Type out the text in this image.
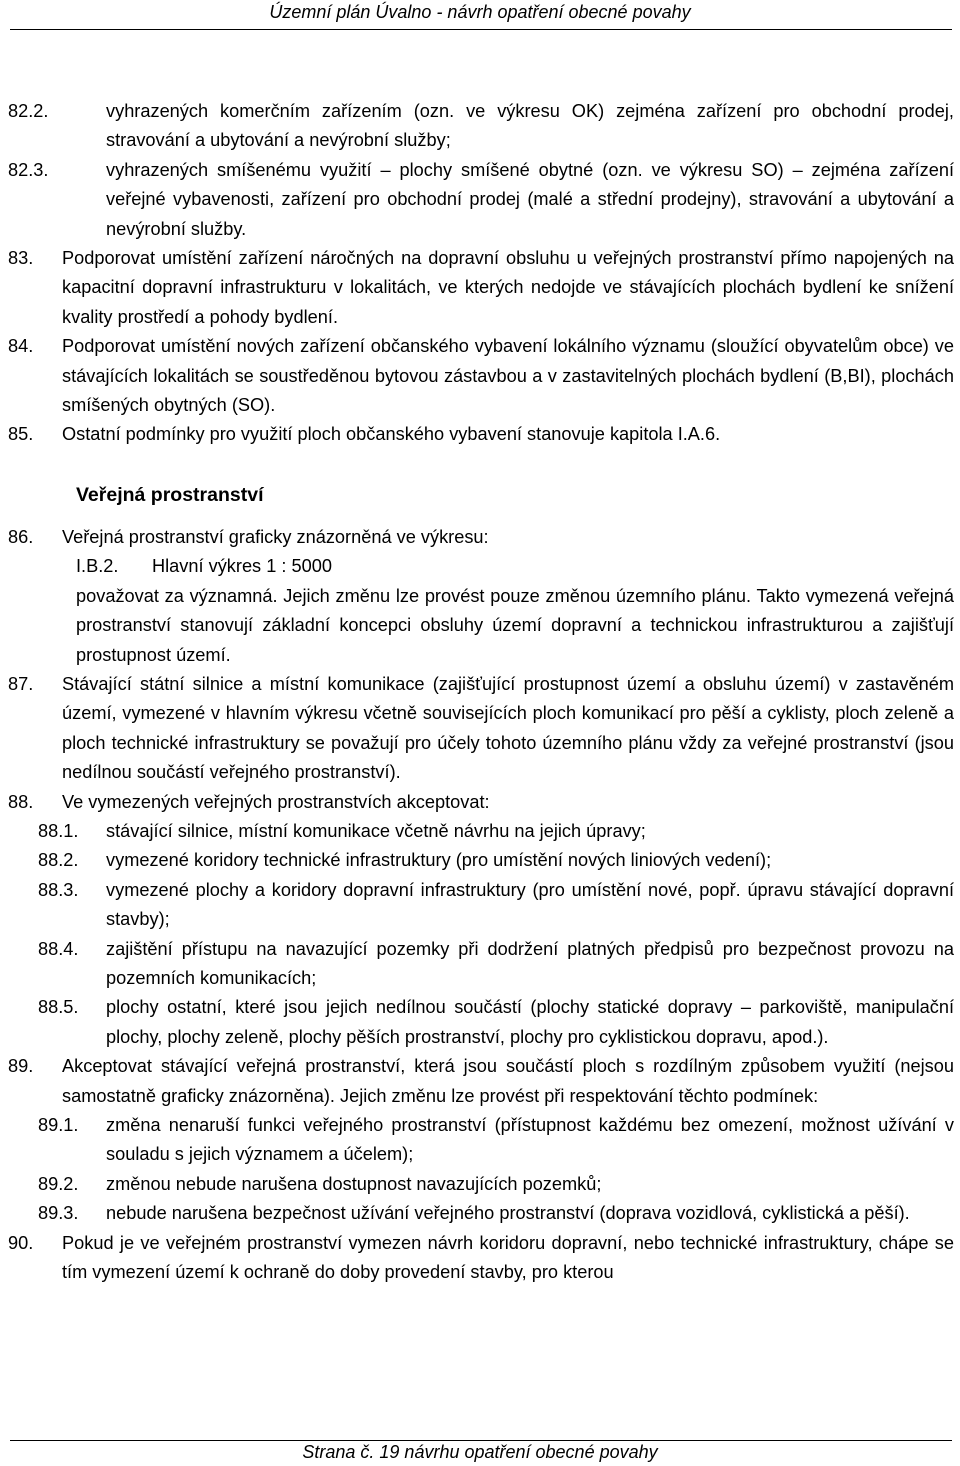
Územní plán Úvalno - návrh opatření obecné povahy
82.2.	vyhrazených komerčním zařízením (ozn. ve výkresu OK) zejména zařízení pro obchodní prodej, stravování a ubytování a nevýrobní služby;
82.3.	vyhrazených smíšenému využití – plochy smíšené obytné (ozn. ve výkresu SO) – zejména zařízení veřejné vybavenosti, zařízení pro obchodní prodej (malé a střední prodejny), stravování a ubytování a nevýrobní služby.
83. Podporovat umístění zařízení náročných na dopravní obsluhu u veřejných prostranství přímo napojených na kapacitní dopravní infrastrukturu v lokalitách, ve kterých nedojde ve stávajících plochách bydlení ke snížení kvality prostředí a pohody bydlení.
84. Podporovat umístění nových zařízení občanského vybavení lokálního významu (sloužící obyvatelům obce) ve stávajících lokalitách se soustředěnou bytovou zástavbou a v zastavitelných plochách bydlení (B,BI), plochách smíšených obytných (SO).
85. Ostatní podmínky pro využití ploch občanského vybavení stanovuje kapitola I.A.6.
Veřejná prostranství
86. Veřejná prostranství graficky znázorněná ve výkresu:
I.B.2. Hlavní výkres 1 : 5000
považovat za významná. Jejich změnu lze provést pouze změnou územního plánu. Takto vymezená veřejná prostranství stanovují základní koncepci obsluhy území dopravní a technickou infrastrukturou a zajišťují prostupnost území.
87. Stávající státní silnice a místní komunikace (zajišťující prostupnost území a obsluhu území) v zastavěném území, vymezené v hlavním výkresu včetně souvisejících ploch komunikací pro pěší a cyklisty, ploch zeleně a ploch technické infrastruktury se považují pro účely tohoto územního plánu vždy za veřejné prostranství (jsou nedílnou součástí veřejného prostranství).
88. Ve vymezených veřejných prostranstvích akceptovat:
88.1. stávající silnice, místní komunikace včetně návrhu na jejich úpravy;
88.2. vymezené koridory technické infrastruktury (pro umístění nových liniových vedení);
88.3. vymezené plochy a koridory dopravní infrastruktury (pro umístění nové, popř. úpravu stávající dopravní stavby);
88.4. zajištění přístupu na navazující pozemky při dodržení platných předpisů pro bezpečnost provozu na pozemních komunikacích;
88.5. plochy ostatní, které jsou jejich nedílnou součástí (plochy statické dopravy – parkoviště, manipulační plochy, plochy zeleně, plochy pěších prostranství, plochy pro cyklistickou dopravu, apod.).
89. Akceptovat stávající veřejná prostranství, která jsou součástí ploch s rozdílným způsobem využití (nejsou samostatně graficky znázorněna). Jejich změnu lze provést při respektování těchto podmínek:
89.1. změna nenaruší funkci veřejného prostranství (přístupnost každému bez omezení, možnost užívání v souladu s jejich významem a účelem);
89.2. změnou nebude narušena dostupnost navazujících pozemků;
89.3. nebude narušena bezpečnost užívání veřejného prostranství (doprava vozidlová, cyklistická a pěší).
90. Pokud je ve veřejném prostranství vymezen návrh koridoru dopravní, nebo technické infrastruktury, chápe se tím vymezení území k ochraně do doby provedení stavby, pro kterou
Strana č. 19 návrhu opatření obecné povahy
